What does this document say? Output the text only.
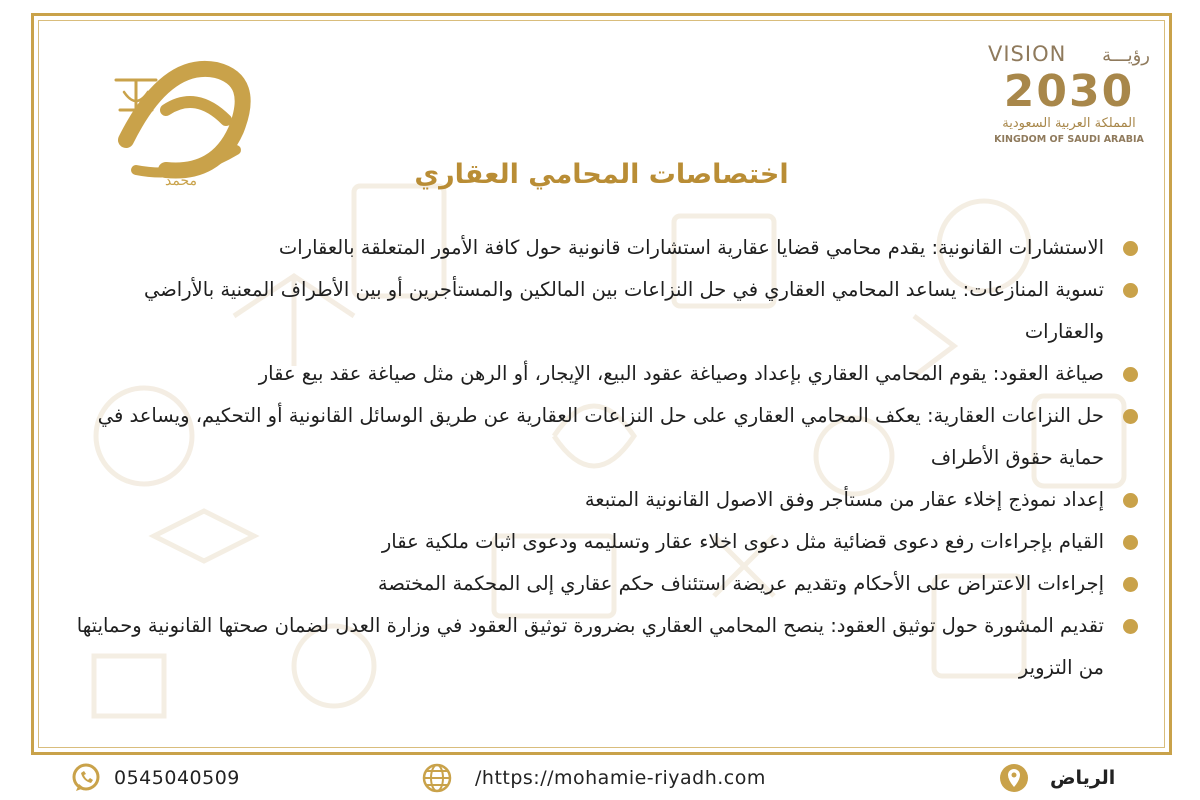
محمد
VISION رؤيـــة
2030
المملكة العربية السعودية
KINGDOM OF SAUDI ARABIA
اختصاصات المحامي العقاري
الاستشارات القانونية: يقدم محامي قضايا عقارية استشارات قانونية حول كافة الأمور المتعلقة بالعقارات
تسوية المنازعات: يساعد المحامي العقاري في حل النزاعات بين المالكين والمستأجرين أو بين الأطراف المعنية بالأراضي والعقارات
صياغة العقود: يقوم المحامي العقاري بإعداد وصياغة عقود البيع، الإيجار، أو الرهن مثل صياغة عقد بيع عقار
حل النزاعات العقارية: يعكف المحامي العقاري على حل النزاعات العقارية عن طريق الوسائل القانونية أو التحكيم، ويساعد في حماية حقوق الأطراف
إعداد نموذج إخلاء عقار من مستأجر وفق الاصول القانونية المتبعة
القيام بإجراءات رفع دعوى قضائية مثل دعوى اخلاء عقار وتسليمه ودعوى اثبات ملكية عقار
إجراءات الاعتراض على الأحكام وتقديم عريضة استئناف حكم عقاري إلى المحكمة المختصة
تقديم المشورة حول توثيق العقود: ينصح المحامي العقاري بضرورة توثيق العقود في وزارة العدل لضمان صحتها القانونية وحمايتها من التزوير
0545040509	/https://mohamie-riyadh.com	الرياض
